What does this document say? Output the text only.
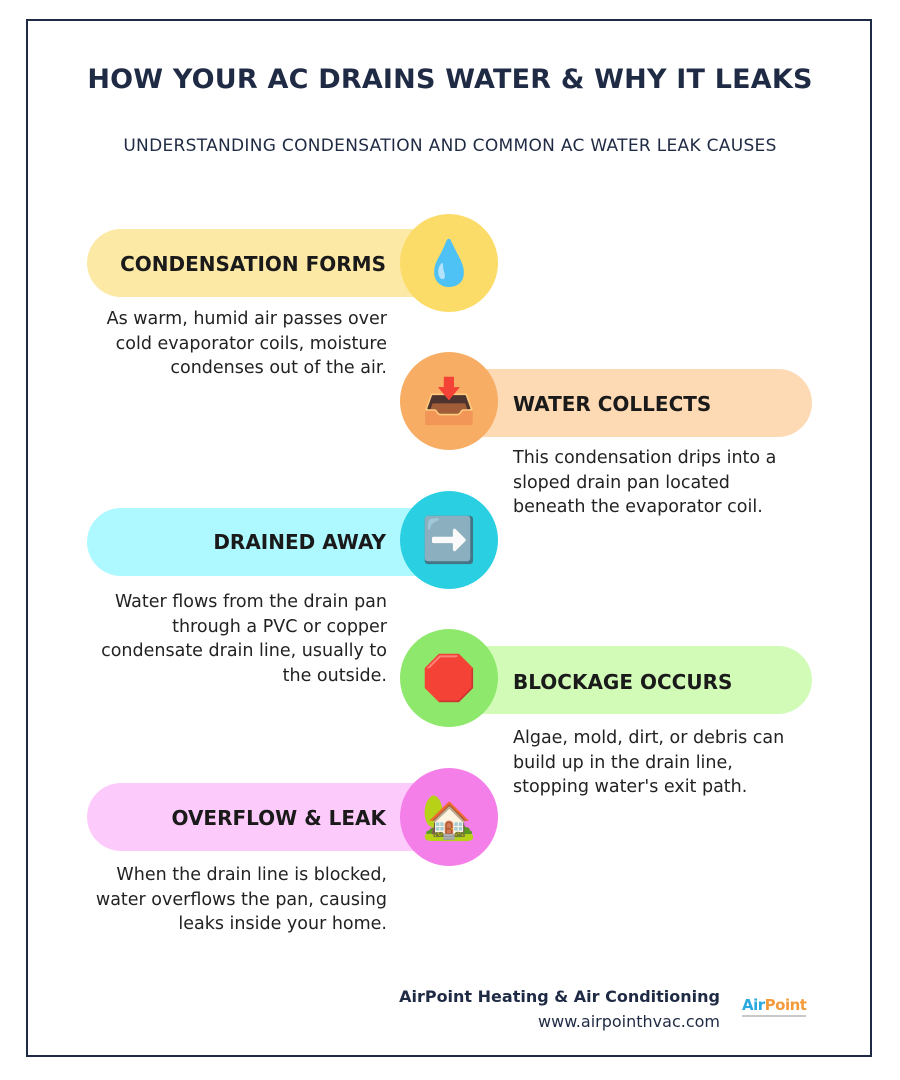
HOW YOUR AC DRAINS WATER & WHY IT LEAKS
UNDERSTANDING CONDENSATION AND COMMON AC WATER LEAK CAUSES
CONDENSATION FORMS 💧
As warm, humid air passes over cold evaporator coils, moisture condenses out of the air.
📥 WATER COLLECTS
This condensation drips into a sloped drain pan located beneath the evaporator coil.
DRAINED AWAY ➡️
Water flows from the drain pan through a PVC or copper condensate drain line, usually to the outside. 🛑 BLOCKAGE OCCURS
Algae, mold, dirt, or debris can build up in the drain line, stopping water's exit path.
OVERFLOW & LEAK 🏡
When the drain line is blocked, water overflows the pan, causing leaks inside your home.
AirPoint Heating & Air Conditioning
www.airpointhvac.com
AirPoint
